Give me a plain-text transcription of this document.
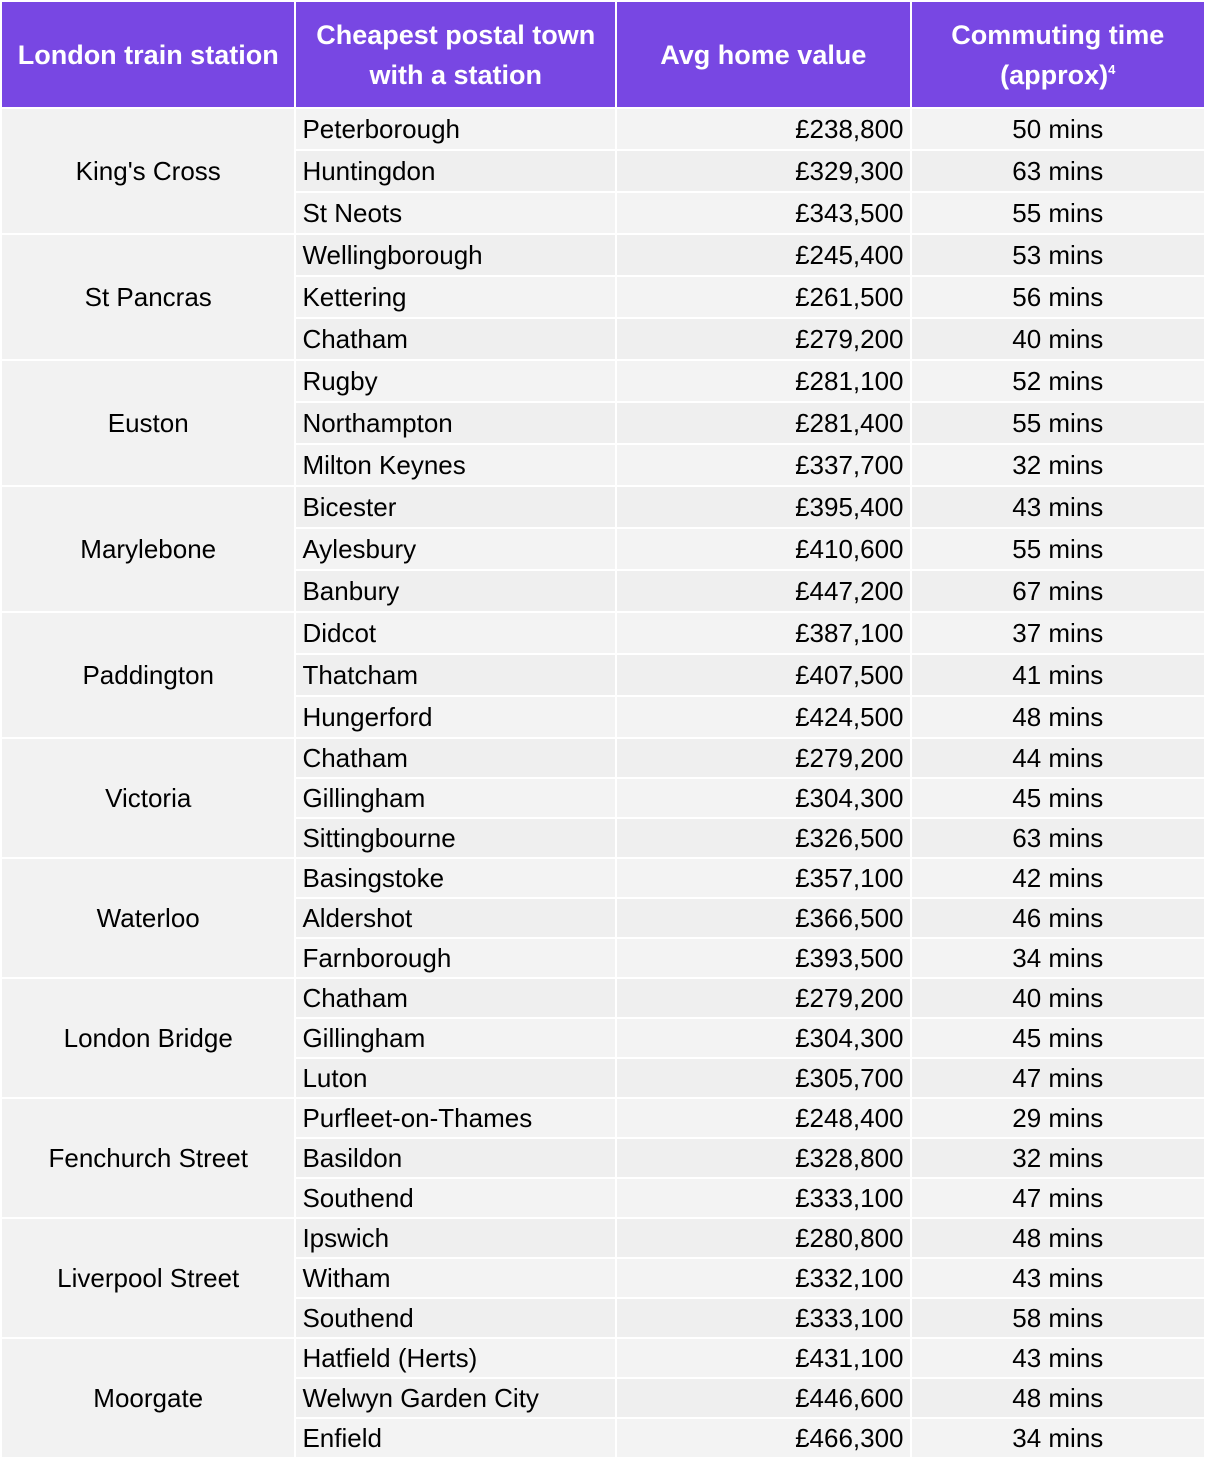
London train station	Cheapest postal town with a station	Avg home value	Commuting time (approx)$^4$
King's Cross	Peterborough	£238,800	50 mins
	Huntingdon	£329,300	63 mins
	St Neots	£343,500	55 mins
St Pancras	Wellingborough	£245,400	53 mins
	Kettering	£261,500	56 mins
	Chatham	£279,200	40 mins
Euston	Rugby	£281,100	52 mins
	Northampton	£281,400	55 mins
	Milton Keynes	£337,700	32 mins
Marylebone	Bicester	£395,400	43 mins
	Aylesbury	£410,600	55 mins
	Banbury	£447,200	67 mins
Paddington	Didcot	£387,100	37 mins
	Thatcham	£407,500	41 mins
	Hungerford	£424,500	48 mins
Victoria	Chatham	£279,200	44 mins
	Gillingham	£304,300	45 mins
	Sittingbourne	£326,500	63 mins
Waterloo	Basingstoke	£357,100	42 mins
	Aldershot	£366,500	46 mins
	Farnborough	£393,500	34 mins
London Bridge	Chatham	£279,200	40 mins
	Gillingham	£304,300	45 mins
	Luton	£305,700	47 mins
Fenchurch Street	Purfleet-on-Thames	£248,400	29 mins
	Basildon	£328,800	32 mins
	Southend	£333,100	47 mins
Liverpool Street	Ipswich	£280,800	48 mins
	Witham	£332,100	43 mins
	Southend	£333,100	58 mins
Moorgate	Hatfield (Herts)	£431,100	43 mins
	Welwyn Garden City	£446,600	48 mins
	Enfield	£466,300	34 mins
